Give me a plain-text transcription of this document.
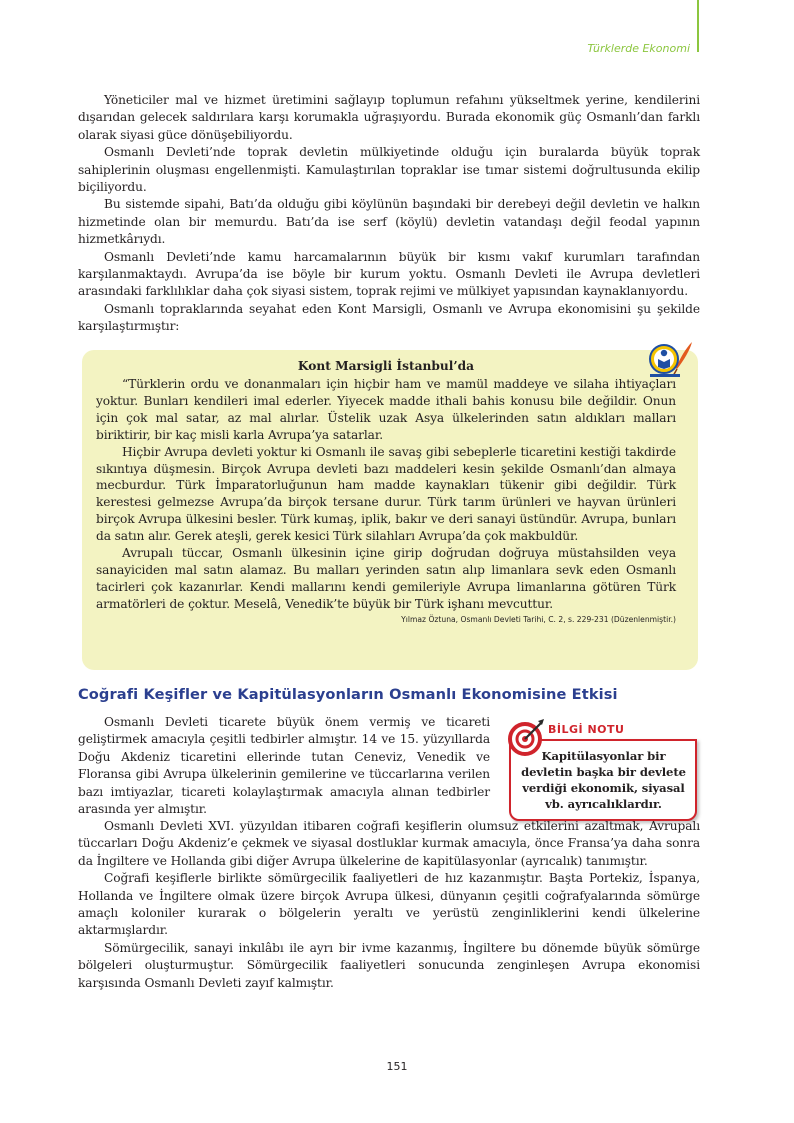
Türklerde Ekonomi

Yöneticiler mal ve hizmet üretimini sağlayıp toplumun refahını yükseltmek yerine, kendilerini dışarıdan gelecek saldırılara karşı korumakla uğraşıyordu. Burada ekonomik güç Osmanlı’dan farklı olarak siyasi güce dönüşebiliyordu.

Osmanlı Devleti’nde toprak devletin mülkiyetinde olduğu için buralarda büyük toprak sahiplerinin oluşması engellenmişti. Kamulaştırılan topraklar ise tımar sistemi doğrultusunda ekilip biçiliyordu.

Bu sistemde sipahi, Batı’da olduğu gibi köylünün başındaki bir derebeyi değil devletin ve halkın hizmetinde olan bir memurdu. Batı’da ise serf (köylü) devletin vatandaşı değil feodal yapının hizmetkârıydı.

Osmanlı Devleti’nde kamu harcamalarının büyük bir kısmı vakıf kurumları tarafından karşılanmaktaydı. Avrupa’da ise böyle bir kurum yoktu. Osmanlı Devleti ile Avrupa devletleri arasındaki farklılıklar daha çok siyasi sistem, toprak rejimi ve mülkiyet yapısından kaynaklanıyordu.

Osmanlı topraklarında seyahat eden Kont Marsigli, Osmanlı ve Avrupa ekonomisini şu şekilde karşılaştırmıştır:

Kont Marsigli İstanbul’da

“Türklerin ordu ve donanmaları için hiçbir ham ve mamül maddeye ve silaha ihtiyaçları yoktur. Bunları kendileri imal ederler. Yiyecek madde ithali bahis konusu bile değildir. Onun için çok mal satar, az mal alırlar. Üstelik uzak Asya ülkelerinden satın aldıkları malları biriktirir, bir kaç misli karla Avrupa’ya satarlar.

Hiçbir Avrupa devleti yoktur ki Osmanlı ile savaş gibi sebeplerle ticaretini kestiği takdirde sıkıntıya düşmesin. Birçok Avrupa devleti bazı maddeleri kesin şekilde Osmanlı’dan almaya mecburdur. Türk İmparatorluğunun ham madde kaynakları tükenir gibi değildir. Türk kerestesi gelmezse Avrupa’da birçok tersane durur. Türk tarım ürünleri ve hayvan ürünleri birçok Avrupa ülkesini besler. Türk kumaş, iplik, bakır ve deri sanayi üstündür. Avrupa, bunları da satın alır. Gerek ateşli, gerek kesici Türk silahları Avrupa’da çok makbuldür.

Avrupalı tüccar, Osmanlı ülkesinin içine girip doğrudan doğruya müstahsilden veya sanayiciden mal satın alamaz. Bu malları yerinden satın alıp limanlara sevk eden Osmanlı tacirleri çok kazanırlar. Kendi mallarını kendi gemileriyle Avrupa limanlarına götüren Türk armatörleri de çoktur. Meselâ, Venedik’te büyük bir Türk işhanı mevcuttur.

Yılmaz Öztuna, Osmanlı Devleti Tarihi, C. 2, s. 229-231 (Düzenlenmiştir.)
Coğrafi Keşifler ve Kapitülasyonların Osmanlı Ekonomisine Etkisi

Osmanlı Devleti ticarete büyük önem vermiş ve ticareti geliştirmek amacıyla çeşitli tedbirler almıştır. 14 ve 15. yüzyıllarda Doğu Akdeniz ticaretini ellerinde tutan Ceneviz, Venedik ve Floransa gibi Avrupa ülkelerinin gemilerine ve tüccarlarına verilen bazı imtiyazlar, ticareti kolaylaştırmak amacıyla alınan tedbirler arasında yer almıştır.

BİLGİ NOTU

Kapitülasyonlar bir devletin başka bir devlete verdiği ekonomik, siyasal vb. ayrıcalıklardır.

Osmanlı Devleti XVI. yüzyıldan itibaren coğrafi keşiflerin olumsuz etkilerini azaltmak, Avrupalı tüccarları Doğu Akdeniz’e çekmek ve siyasal dostluklar kurmak amacıyla, önce Fransa’ya daha sonra da İngiltere ve Hollanda gibi diğer Avrupa ülkelerine de kapitülasyonlar (ayrıcalık) tanımıştır.

Coğrafi keşiflerle birlikte sömürgecilik faaliyetleri de hız kazanmıştır. Başta Portekiz, İspanya, Hollanda ve İngiltere olmak üzere birçok Avrupa ülkesi, dünyanın çeşitli coğrafyalarında sömürge amaçlı koloniler kurarak o bölgelerin yeraltı ve yerüstü zenginliklerini kendi ülkelerine aktarmışlardır.

Sömürgecilik, sanayi inkılâbı ile ayrı bir ivme kazanmış, İngiltere bu dönemde büyük sömürge bölgeleri oluşturmuştur. Sömürgecilik faaliyetleri sonucunda zenginleşen Avrupa ekonomisi karşısında Osmanlı Devleti zayıf kalmıştır.

151
